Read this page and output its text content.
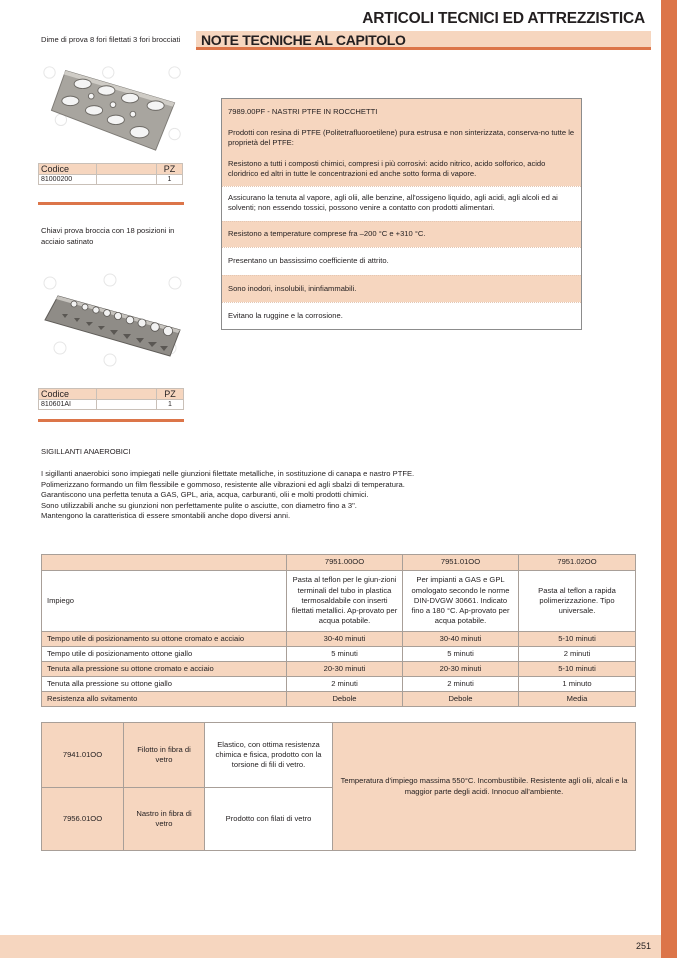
ARTICOLI TECNICI ED ATTREZZISTICA
NOTE TECNICHE AL CAPITOLO
Dime di prova 8 fori filettati 3 fori brocciati
Codice		PZ
81000200		1
Chiavi prova broccia con 18 posizioni in acciaio satinato
Codice		PZ
810601AI		1

7989.00PF - NASTRI PTFE IN ROCCHETTI

Prodotti con resina di PTFE (Politetrafluoroetilene) pura estrusa e non sinterizzata, conserva-no tutte le proprietà del PTFE:

Resistono a tutti i composti chimici, compresi i più corrosivi: acido nitrico, acido solforico, acido cloridrico ed altri in tutte le concentrazioni ed anche sotto forma di vapore.

Assicurano la tenuta al vapore, agli olii, alle benzine, all'ossigeno liquido, agli acidi, agli alcoli ed ai solventi; non essendo tossici, possono venire a contatto con prodotti alimentari.

Resistono a temperature comprese fra –200 °C e +310 °C.

Presentano un bassissimo coefficiente di attrito.

Sono inodori, insolubili, ininfiammabili.

Evitano la ruggine e la corrosione.

SIGILLANTI ANAEROBICI
I sigillanti anaerobici sono impiegati nelle giunzioni filettate metalliche, in sostituzione di canapa e nastro PTFE.
Polimerizzano formando un film flessibile e gommoso, resistente alle vibrazioni ed agli sbalzi di temperatura.
Garantiscono una perfetta tenuta a GAS, GPL, aria, acqua, carburanti, olii e molti prodotti chimici.
Sono utilizzabili anche su giunzioni non perfettamente pulite o asciutte, con diametro fino a 3".
Mantengono la caratteristica di essere smontabili anche dopo diversi anni.
	7951.00OO	7951.01OO	7951.02OO
Impiego	Pasta al teflon per le giun-zioni terminali del tubo in plastica termosaldabile con inserti filettati metallici. Ap-provato per acqua potabile.	Per impianti a GAS e GPL omologato secondo le norme DIN-DVGW 30661. Indicato fino a 180 °C. Ap-provato per acqua potabile.	Pasta al teflon a rapida polimerizzazione. Tipo universale.
Tempo utile di posizionamento su ottone cromato e acciaio	30-40 minuti	30-40 minuti	5-10 minuti
Tempo utile di posizionamento ottone giallo	5 minuti	5 minuti	2 minuti
Tenuta alla pressione su ottone cromato e acciaio	20-30 minuti	20-30 minuti	5-10 minuti
Tenuta alla pressione su ottone giallo	2 minuti	2 minuti	1 minuto
Resistenza allo svitamento	Debole	Debole	Media
7941.01OO	Filotto in fibra di vetro	Elastico, con ottima resistenza chimica e fisica, prodotto con la torsione di fili di vetro.	Temperatura d'impiego massima 550°C. Incombustibile. Resistente agli olii, alcali e la maggior parte degli acidi. Innocuo all'ambiente.
7956.01OO	Nastro in fibra di vetro	Prodotto con filati di vetro	
251
